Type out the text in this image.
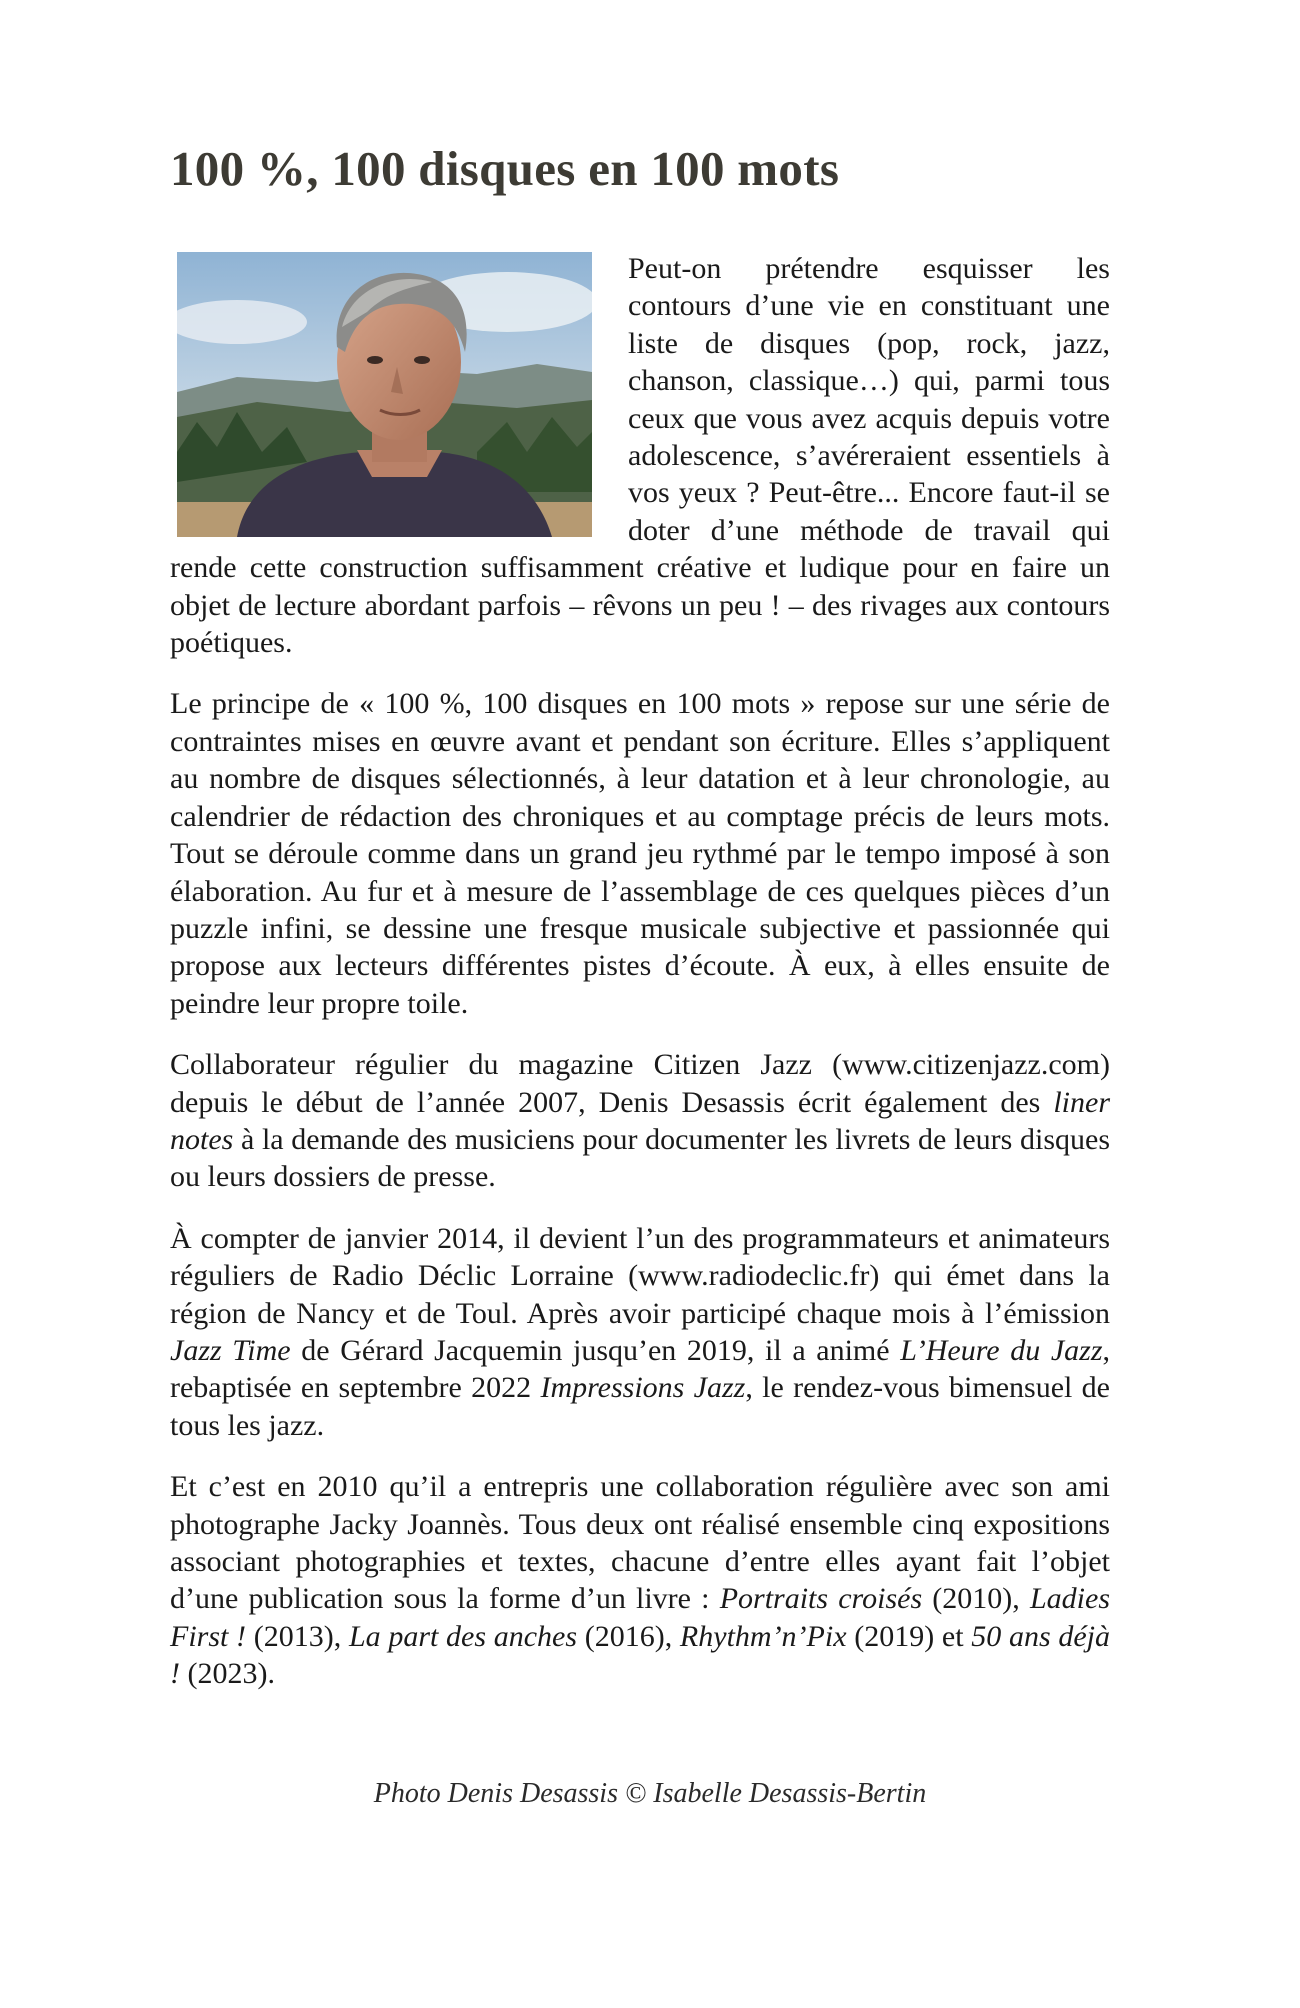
100 %, 100 disques en 100 mots

Peut-on prétendre esquisser les contours d’une vie en constituant une liste de disques (pop, rock, jazz, chanson, classique…) qui, parmi tous ceux que vous avez acquis depuis votre adolescence, s’avéreraient essentiels à vos yeux ? Peut-être... Encore faut-il se doter d’une méthode de travail qui rende cette construction suffisamment créative et ludique pour en faire un objet de lecture abordant parfois – rêvons un peu ! – des rivages aux contours poétiques.

Le principe de « 100 %, 100 disques en 100 mots » repose sur une série de contraintes mises en œuvre avant et pendant son écriture. Elles s’appliquent au nombre de disques sélectionnés, à leur datation et à leur chronologie, au calendrier de rédaction des chroniques et au comptage précis de leurs mots. Tout se déroule comme dans un grand jeu rythmé par le tempo imposé à son élaboration. Au fur et à mesure de l’assemblage de ces quelques pièces d’un puzzle infini, se dessine une fresque musicale subjective et passionnée qui propose aux lecteurs différentes pistes d’écoute. À eux, à elles ensuite de peindre leur propre toile.

Collaborateur régulier du magazine Citizen Jazz (www.citizenjazz.com) depuis le début de l’année 2007, Denis Desassis écrit également des liner notes à la demande des musiciens pour documenter les livrets de leurs disques ou leurs dossiers de presse.

À compter de janvier 2014, il devient l’un des programmateurs et animateurs réguliers de Radio Déclic Lorraine (www.radiodeclic.fr) qui émet dans la région de Nancy et de Toul. Après avoir participé chaque mois à l’émission Jazz Time de Gérard Jacquemin jusqu’en 2019, il a animé L’Heure du Jazz, rebaptisée en septembre 2022 Impressions Jazz, le rendez-vous bimensuel de tous les jazz.

Et c’est en 2010 qu’il a entrepris une collaboration régulière avec son ami photographe Jacky Joannès. Tous deux ont réalisé ensemble cinq expositions associant photographies et textes, chacune d’entre elles ayant fait l’objet d’une publication sous la forme d’un livre : Portraits croisés (2010), Ladies First ! (2013), La part des anches (2016), Rhythm’n’Pix (2019) et 50 ans déjà ! (2023).

Photo Denis Desassis © Isabelle Desassis-Bertin
